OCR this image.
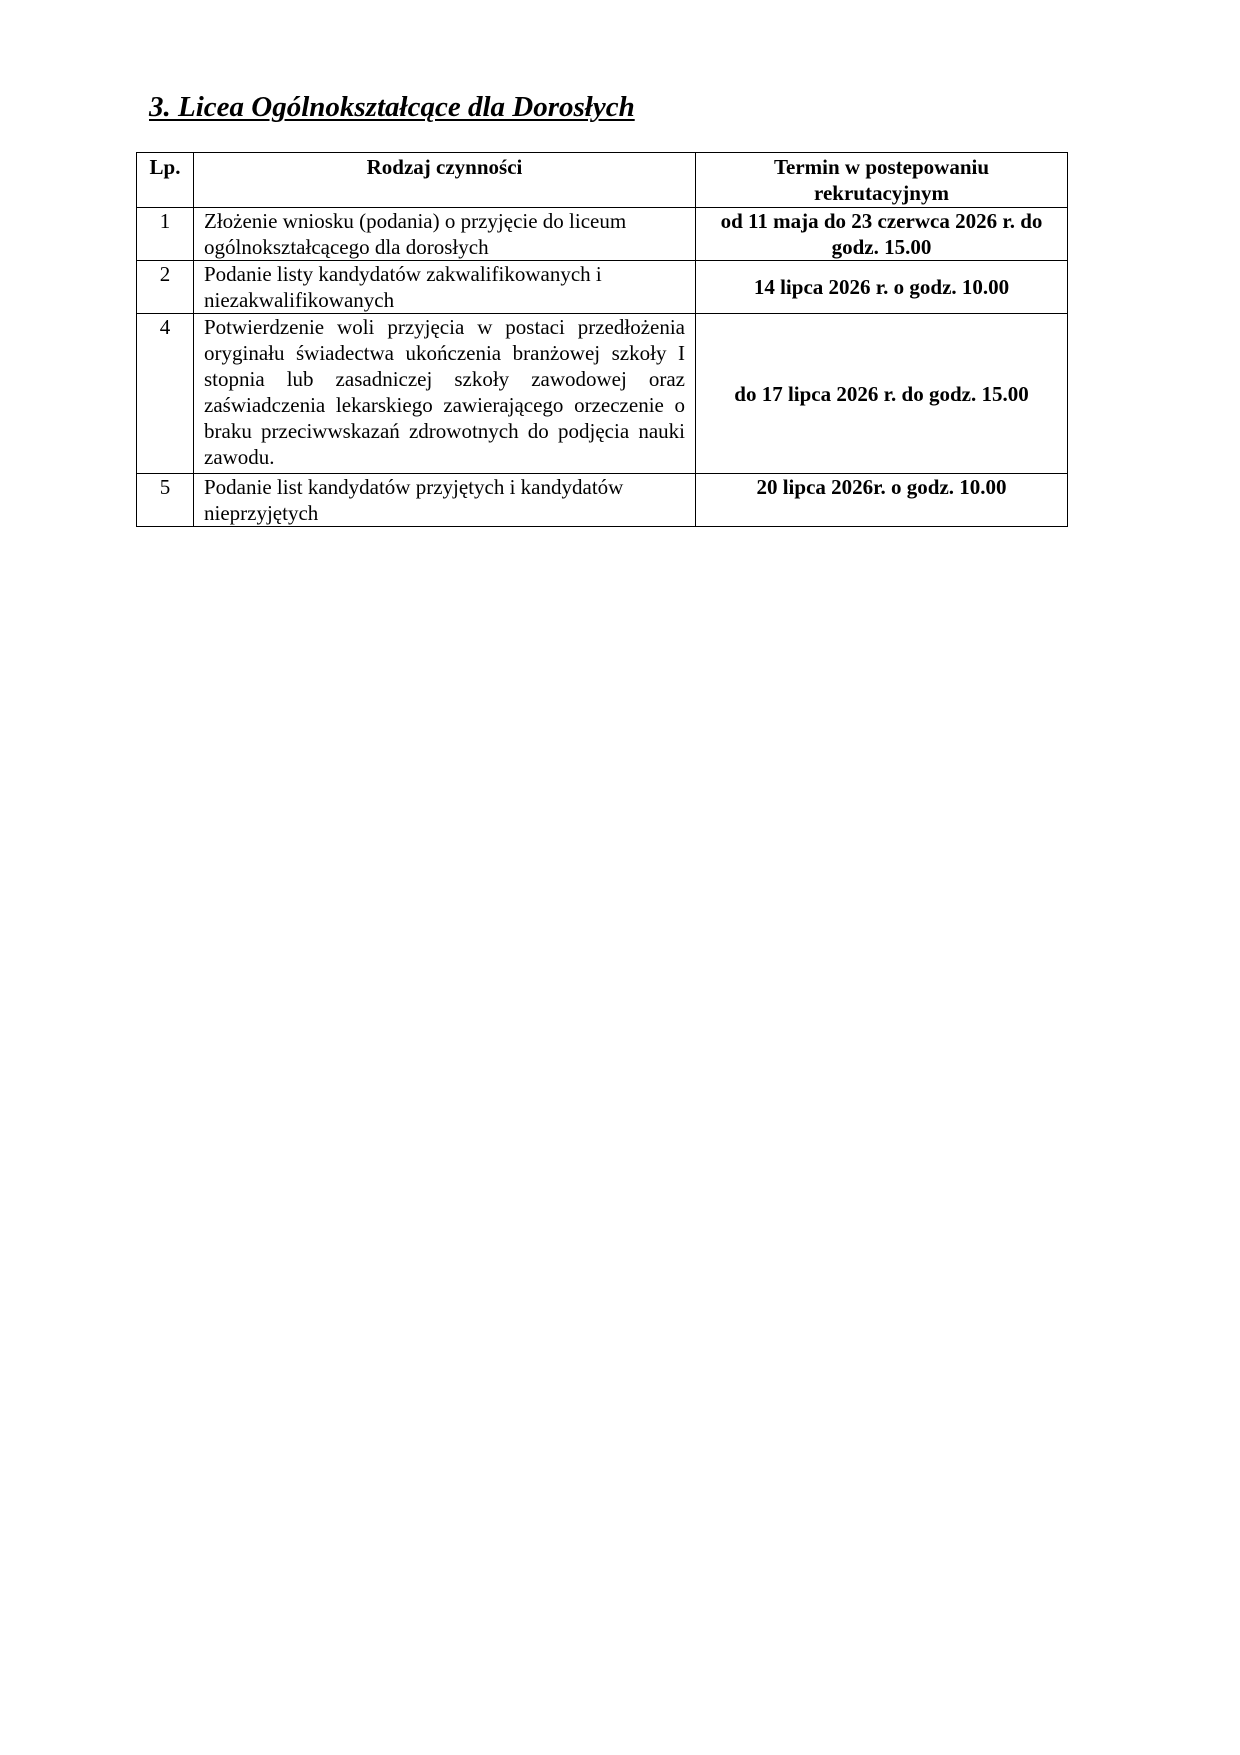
3. Licea Ogólnokształcące dla Dorosłych
Lp.	Rodzaj czynności	Termin w postepowaniu rekrutacyjnym
1	Złożenie wniosku (podania) o przyjęcie do liceum ogólnokształcącego dla dorosłych	od 11 maja do 23 czerwca 2026 r. do godz. 15.00
2	Podanie listy kandydatów zakwalifikowanych i niezakwalifikowanych	14 lipca 2026 r. o godz. 10.00
4	Potwierdzenie woli przyjęcia w postaci przedłożenia oryginału świadectwa ukończenia branżowej szkoły I stopnia lub zasadniczej szkoły zawodowej oraz zaświadczenia lekarskiego zawierającego orzeczenie o braku przeciwwskazań zdrowotnych do podjęcia nauki zawodu.	do 17 lipca 2026 r. do godz. 15.00
5	Podanie list kandydatów przyjętych i kandydatów nieprzyjętych	20 lipca 2026r. o godz. 10.00
